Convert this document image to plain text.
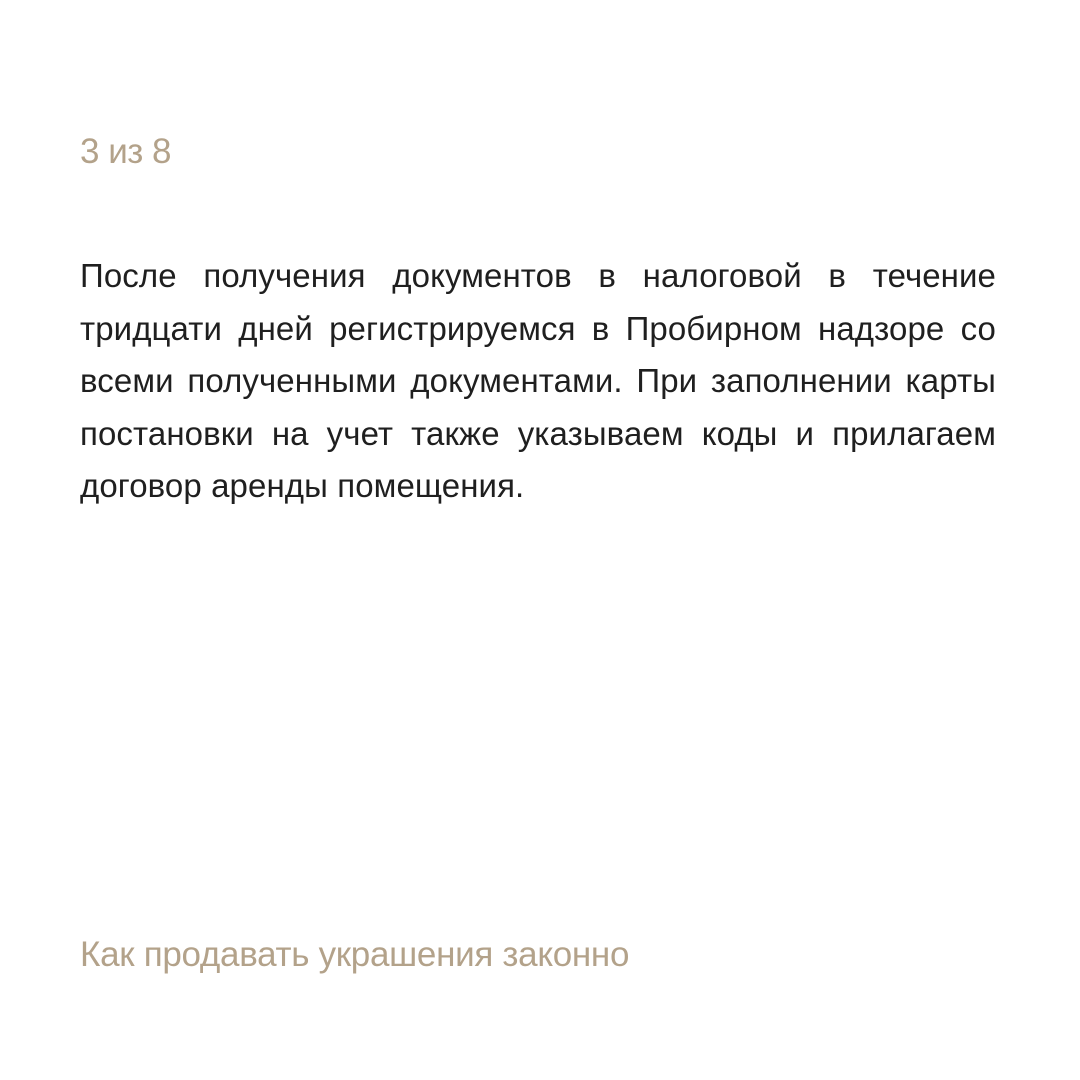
3 из 8
После получения документов в налоговой в течение тридцати дней регистрируемся в Пробирном надзоре со всеми полученными документами. При заполнении карты постановки на учет также указываем коды и прилагаем договор аренды помещения.
Как продавать украшения законно
